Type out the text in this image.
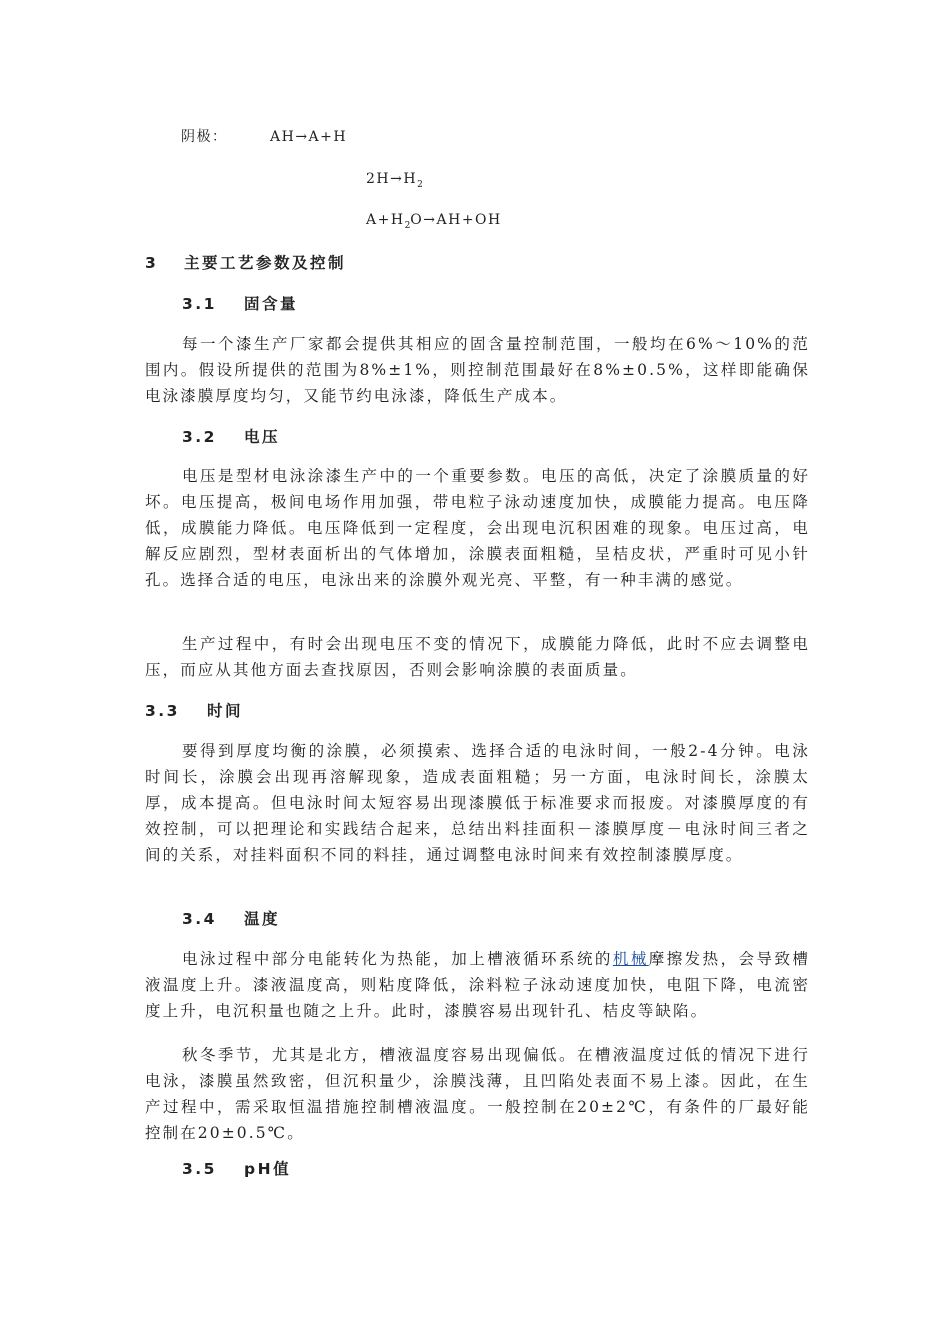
阴极：	AH→A+H
$2H\to H_2$
$A+H_2O\to AH+OH$
3 主要工艺参数及控制
3.1 固含量

每一个漆生产厂家都会提供其相应的固含量控制范围，一般均在6%～10%的范围内。假设所提供的范围为8%±1%，则控制范围最好在8%±0.5%，这样即能确保电泳漆膜厚度均匀，又能节约电泳漆，降低生产成本。

3.2 电压

电压是型材电泳涂漆生产中的一个重要参数。电压的高低，决定了涂膜质量的好坏。电压提高，极间电场作用加强，带电粒子泳动速度加快，成膜能力提高。电压降低，成膜能力降低。电压降低到一定程度，会出现电沉积困难的现象。电压过高，电解反应剧烈，型材表面析出的气体增加，涂膜表面粗糙，呈桔皮状，严重时可见小针孔。选择合适的电压，电泳出来的涂膜外观光亮、平整，有一种丰满的感觉。

生产过程中，有时会出现电压不变的情况下，成膜能力降低，此时不应去调整电压，而应从其他方面去查找原因，否则会影响涂膜的表面质量。

3.3 时间

要得到厚度均衡的涂膜，必须摸索、选择合适的电泳时间，一般2-4分钟。电泳时间长，涂膜会出现再溶解现象，造成表面粗糙；另一方面，电泳时间长，涂膜太厚，成本提高。但电泳时间太短容易出现漆膜低于标准要求而报废。对漆膜厚度的有效控制，可以把理论和实践结合起来，总结出料挂面积－漆膜厚度－电泳时间三者之间的关系，对挂料面积不同的料挂，通过调整电泳时间来有效控制漆膜厚度。

3.4 温度

电泳过程中部分电能转化为热能，加上槽液循环系统的机械摩擦发热，会导致槽液温度上升。漆液温度高，则粘度降低，涂料粒子泳动速度加快，电阻下降，电流密度上升，电沉积量也随之上升。此时，漆膜容易出现针孔、桔皮等缺陷。

秋冬季节，尤其是北方，槽液温度容易出现偏低。在槽液温度过低的情况下进行电泳，漆膜虽然致密，但沉积量少，涂膜浅薄，且凹陷处表面不易上漆。因此，在生产过程中，需采取恒温措施控制槽液温度。一般控制在20±2℃，有条件的厂最好能控制在20±0.5℃。

3.5 pH值
